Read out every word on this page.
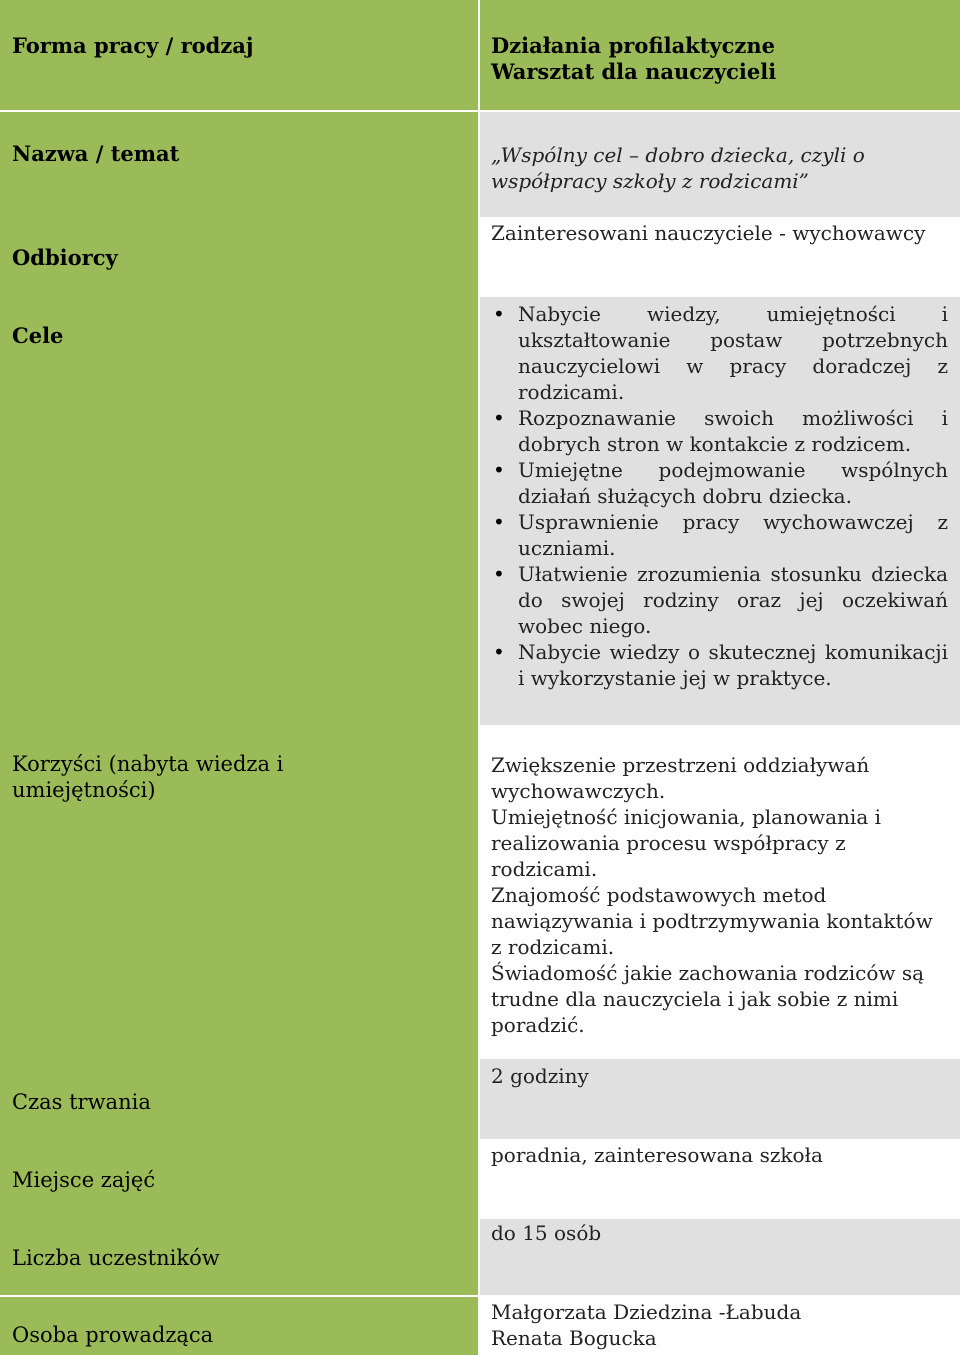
Forma pracy / rodzaj
Nazwa / temat
Odbiorcy
Cele
Korzyści (nabyta wiedza i umiejętności)
Czas trwania
Miejsce zajęć
Liczba uczestników
Osoba prowadząca
Działania profilaktyczne
Warsztat dla nauczycieli
„Wspólny cel – dobro dziecka, czyli o współpracy szkoły z rodzicami”
Zainteresowani nauczyciele - wychowawcy
• Nabycie wiedzy, umiejętności i ukształtowanie postaw potrzebnych nauczycielowi w pracy doradczej z rodzicami.
• Rozpoznawanie swoich możliwości i dobrych stron w kontakcie z rodzicem.
• Umiejętne podejmowanie wspólnych działań służących dobru dziecka.
• Usprawnienie pracy wychowawczej z uczniami.
• Ułatwienie zrozumienia stosunku dziecka do swojej rodziny oraz jej oczekiwań wobec niego.
• Nabycie wiedzy o skutecznej komunikacji i wykorzystanie jej w praktyce.
Zwiększenie przestrzeni oddziaływań wychowawczych.
Umiejętność inicjowania, planowania i realizowania procesu współpracy z rodzicami.
Znajomość podstawowych metod nawiązywania i podtrzymywania kontaktów z rodzicami.
Świadomość jakie zachowania rodziców są trudne dla nauczyciela i jak sobie z nimi poradzić.
2 godziny
poradnia, zainteresowana szkoła
do 15 osób
Małgorzata Dziedzina -Łabuda
Renata Bogucka
